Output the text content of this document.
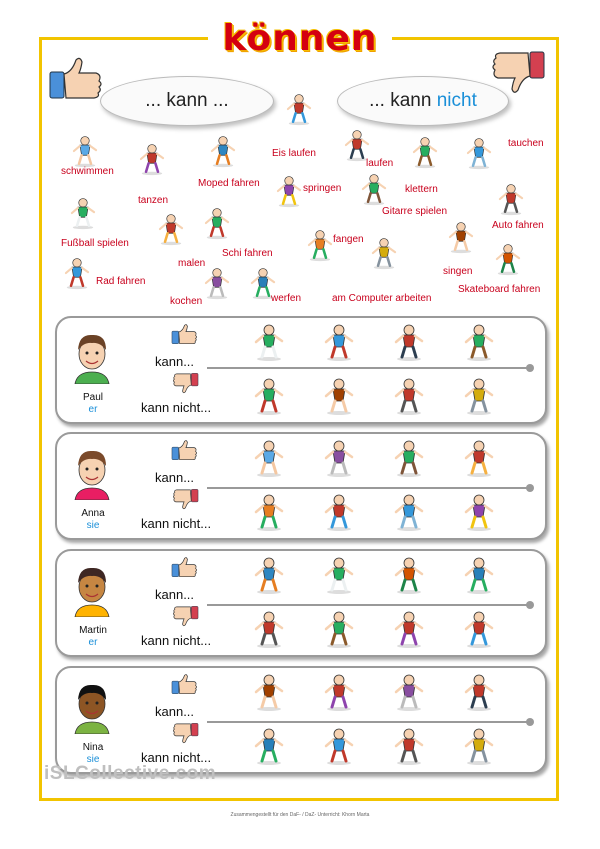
können
... kann ...	... kann nicht
schwimmen
tanzen
Moped fahren
Eis laufen
laufen
klettern
tauchen
springen
Gitarre spielen
Auto fahren
Fußball spielen
Schi fahren
fangen
malen
singen
Rad fahren
kochen	werfen	am Computer arbeiten
Skateboard fahren
Paul
er
kann...
kann nicht...
Anna
sie
kann...
kann nicht...
Martin
er
kann...
kann nicht...
Nina
sie
kann...
kann nicht...
iSLCollective.com
Zusammengestellt für den DaF- / DaZ- Unterricht: Khorn Marta
